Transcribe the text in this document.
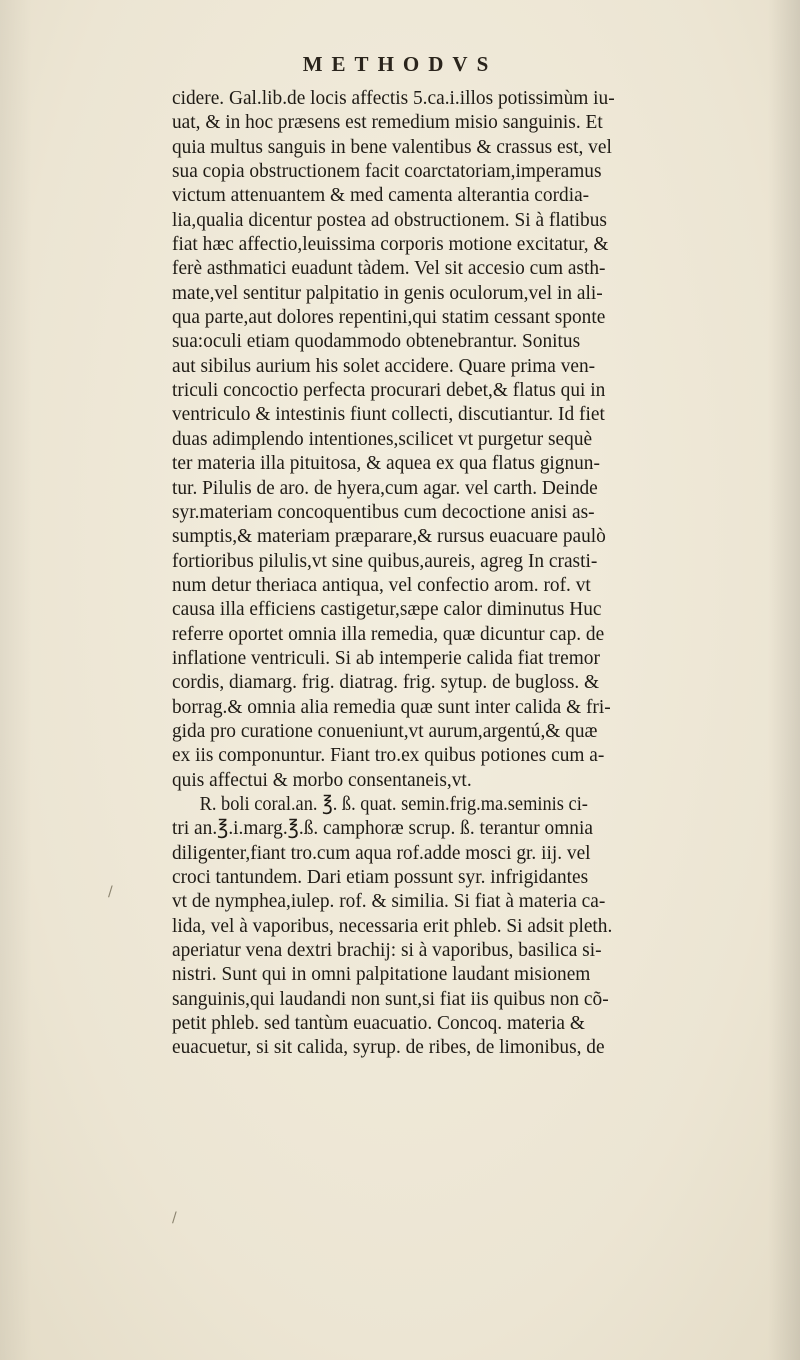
METHODVS
cidere. Gal.lib.de locis affectis 5.ca.i.illos potissimùm iu-
uat, & in hoc præsens est remedium misio sanguinis. Et
quia multus sanguis in bene valentibus & crassus est, vel
sua copia obstructionem facit coarctatoriam,imperamus
victum attenuantem & med camenta alterantia cordia-
lia,qualia dicentur postea ad obstructionem. Si à flatibus
fiat hæc affectio,leuissima corporis motione excitatur, &
ferè asthmatici euadunt tàdem. Vel sit accesio cum asth-
mate,vel sentitur palpitatio in genis oculorum,vel in ali-
qua parte,aut dolores repentini,qui statim cessant sponte
sua:oculi etiam quodammodo obtenebrantur. Sonitus
aut sibilus aurium his solet accidere. Quare prima ven-
triculi concoctio perfecta procurari debet,& flatus qui in
ventriculo & intestinis fiunt collecti, discutiantur. Id fiet
duas adimplendo intentiones,scilicet vt purgetur sequè
ter materia illa pituitosa, & aquea ex qua flatus gignun-
tur. Pilulis de aro. de hyera,cum agar. vel carth. Deinde
syr.materiam concoquentibus cum decoctione anisi as-
sumptis,& materiam præparare,& rursus euacuare paulò
fortioribus pilulis,vt sine quibus,aureis, agreg In crasti-
num detur theriaca antiqua, vel confectio arom. rof. vt
causa illa efficiens castigetur,sæpe calor diminutus Huc
referre oportet omnia illa remedia, quæ dicuntur cap. de
inflatione ventriculi. Si ab intemperie calida fiat tremor
cordis, diamarg. frig. diatrag. frig. sytup. de bugloss. &
borrag.& omnia alia remedia quæ sunt inter calida & fri-
gida pro curatione conueniunt,vt aurum,argentú,& quæ
ex iis componuntur. Fiant tro.ex quibus potiones cum a-
quis affectui & morbo consentaneis,vt.
R. boli coral.an. ℥. ß. quat. semin.frig.ma.seminis ci-
tri an.℥.i.marg.℥.ß. camphoræ scrup. ß. terantur omnia
diligenter,fiant tro.cum aqua rof.adde mosci gr. iij. vel
croci tantundem. Dari etiam possunt syr. infrigidantes
vt de nymphea,iulep. rof. & similia. Si fiat à materia ca-
lida, vel à vaporibus, necessaria erit phleb. Si adsit pleth.
aperiatur vena dextri brachij: si à vaporibus, basilica si-
nistri. Sunt qui in omni palpitatione laudant misionem
sanguinis,qui laudandi non sunt,si fiat iis quibus non cõ-
petit phleb. sed tantùm euacuatio. Concoq. materia &
euacuetur, si sit calida, syrup. de ribes, de limonibus, de
/
/
